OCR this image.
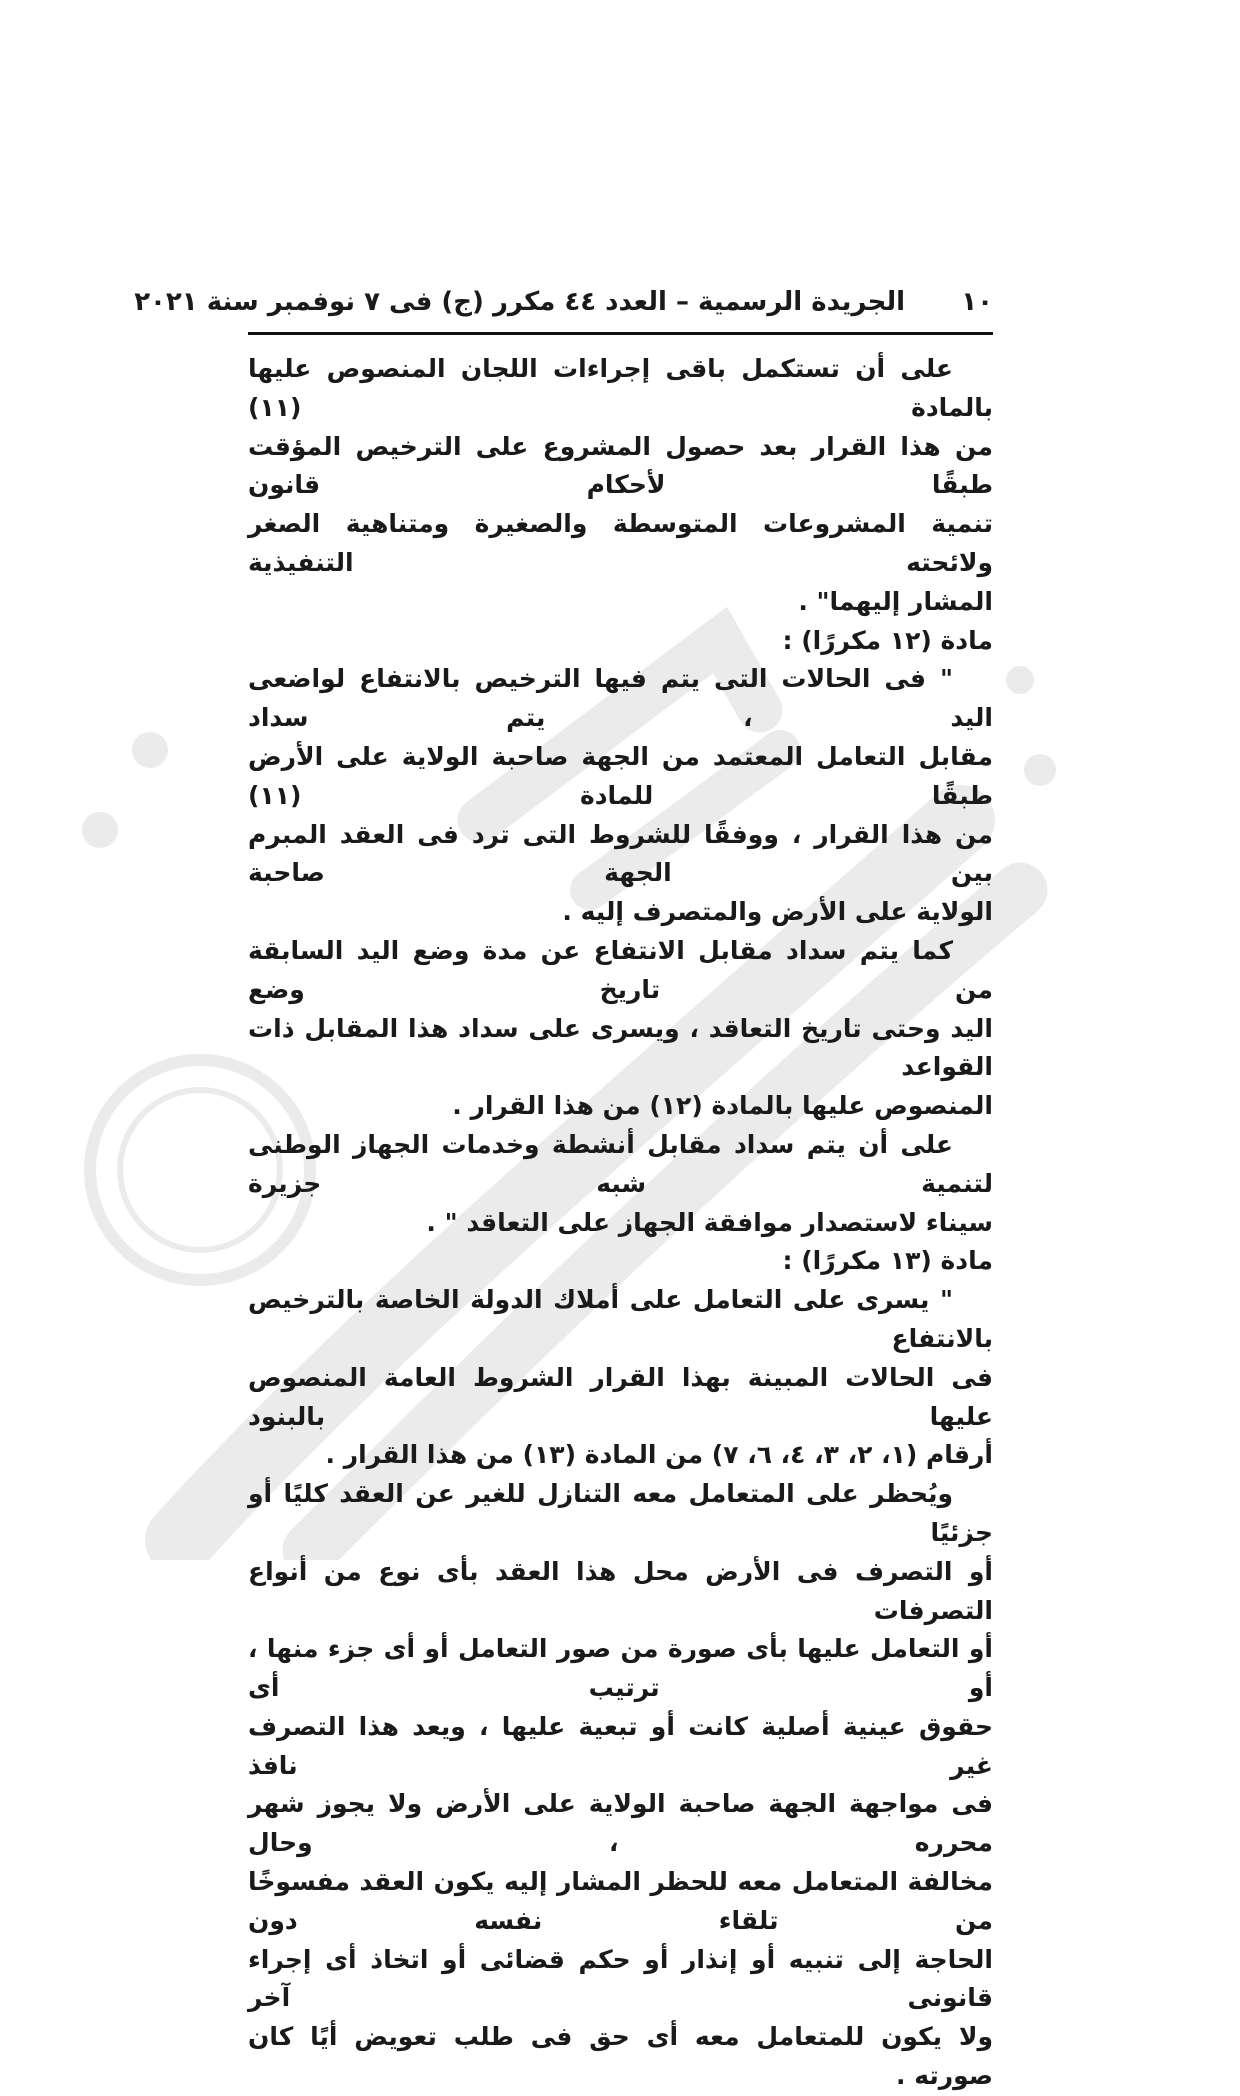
١٠
الجريدة الرسمية – العدد ٤٤ مكرر (ج) فى ٧ نوفمبر سنة ٢٠٢١

على أن تستكمل باقى إجراءات اللجان المنصوص عليها بالمادة (١١)

من هذا القرار بعد حصول المشروع على الترخيص المؤقت طبقًا لأحكام قانون

تنمية المشروعات المتوسطة والصغيرة ومتناهية الصغر ولائحته التنفيذية

المشار إليهما" .

مادة (١٢ مكررًا) :

" فى الحالات التى يتم فيها الترخيص بالانتفاع لواضعى اليد ، يتم سداد

مقابل التعامل المعتمد من الجهة صاحبة الولاية على الأرض طبقًا للمادة (١١)

من هذا القرار ، ووفقًا للشروط التى ترد فى العقد المبرم بين الجهة صاحبة

الولاية على الأرض والمتصرف إليه .

كما يتم سداد مقابل الانتفاع عن مدة وضع اليد السابقة من تاريخ وضع

اليد وحتى تاريخ التعاقد ، ويسرى على سداد هذا المقابل ذات القواعد

المنصوص عليها بالمادة (١٢) من هذا القرار .

على أن يتم سداد مقابل أنشطة وخدمات الجهاز الوطنى لتنمية شبه جزيرة

سيناء لاستصدار موافقة الجهاز على التعاقد " .

مادة (١٣ مكررًا) :

" يسرى على التعامل على أملاك الدولة الخاصة بالترخيص بالانتفاع

فى الحالات المبينة بهذا القرار الشروط العامة المنصوص عليها بالبنود

أرقام (١، ٢، ٣، ٤، ٦، ٧) من المادة (١٣) من هذا القرار .

ويُحظر على المتعامل معه التنازل للغير عن العقد كليًا أو جزئيًا

أو التصرف فى الأرض محل هذا العقد بأى نوع من أنواع التصرفات

أو التعامل عليها بأى صورة من صور التعامل أو أى جزء منها ، أو ترتيب أى

حقوق عينية أصلية كانت أو تبعية عليها ، ويعد هذا التصرف غير نافذ

فى مواجهة الجهة صاحبة الولاية على الأرض ولا يجوز شهر محرره ، وحال

مخالفة المتعامل معه للحظر المشار إليه يكون العقد مفسوخًا من تلقاء نفسه دون

الحاجة إلى تنبيه أو إنذار أو حكم قضائى أو اتخاذ أى إجراء قانونى آخر

ولا يكون للمتعامل معه أى حق فى طلب تعويض أيًا كان صورته .
